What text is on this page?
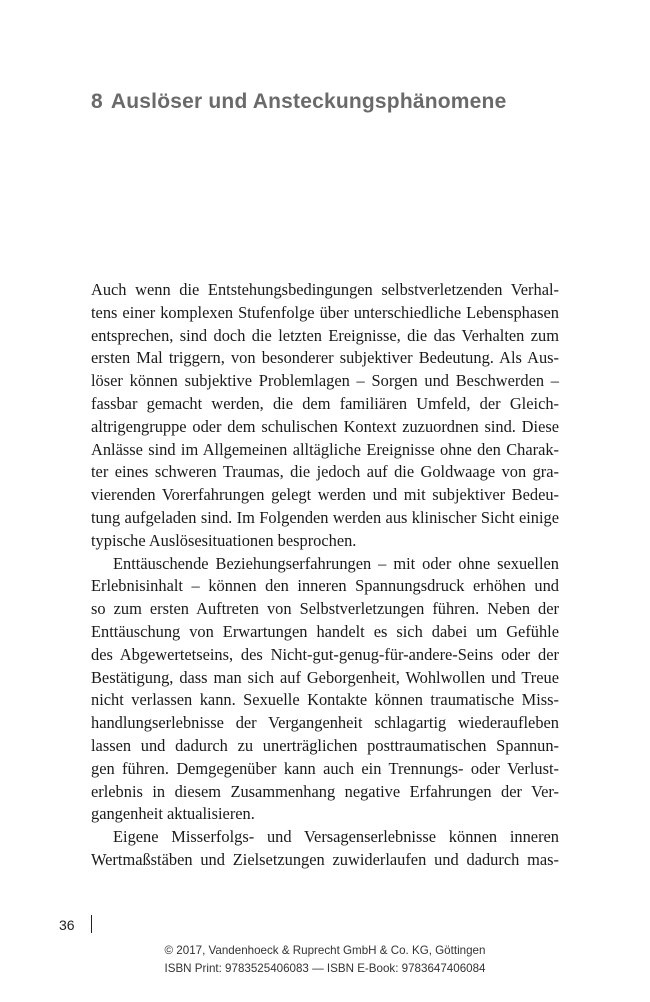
8 Auslöser und Ansteckungsphänomene
Auch wenn die Entstehungsbedingungen selbstverletzenden Verhal-
tens einer komplexen Stufenfolge über unterschiedliche Lebensphasen
entsprechen, sind doch die letzten Ereignisse, die das Verhalten zum
ersten Mal triggern, von besonderer subjektiver Bedeutung. Als Aus-
löser können subjektive Problemlagen – Sorgen und Beschwerden –
fassbar gemacht werden, die dem familiären Umfeld, der Gleich-
altrigengruppe oder dem schulischen Kontext zuzuordnen sind. Diese
Anlässe sind im Allgemeinen alltägliche Ereignisse ohne den Charak-
ter eines schweren Traumas, die jedoch auf die Goldwaage von gra-
vierenden Vorerfahrungen gelegt werden und mit subjektiver Bedeu-
tung aufgeladen sind. Im Folgenden werden aus klinischer Sicht einige
typische Auslösesituationen besprochen.
Enttäuschende Beziehungserfahrungen – mit oder ohne sexuellen
Erlebnisinhalt – können den inneren Spannungsdruck erhöhen und
so zum ersten Auftreten von Selbstverletzungen führen. Neben der
Enttäuschung von Erwartungen handelt es sich dabei um Gefühle
des Abgewertetseins, des Nicht-gut-genug-für-andere-Seins oder der
Bestätigung, dass man sich auf Geborgenheit, Wohlwollen und Treue
nicht verlassen kann. Sexuelle Kontakte können traumatische Miss-
handlungserlebnisse der Vergangenheit schlagartig wiederaufleben
lassen und dadurch zu unerträglichen posttraumatischen Spannun-
gen führen. Demgegenüber kann auch ein Trennungs- oder Verlust-
erlebnis in diesem Zusammenhang negative Erfahrungen der Ver-
gangenheit aktualisieren.
Eigene Misserfolgs- und Versagenserlebnisse können inneren
Wertmaßstäben und Zielsetzungen zuwiderlaufen und dadurch mas-
36
© 2017, Vandenhoeck & Ruprecht GmbH & Co. KG, Göttingen
ISBN Print: 9783525406083 — ISBN E-Book: 9783647406084
